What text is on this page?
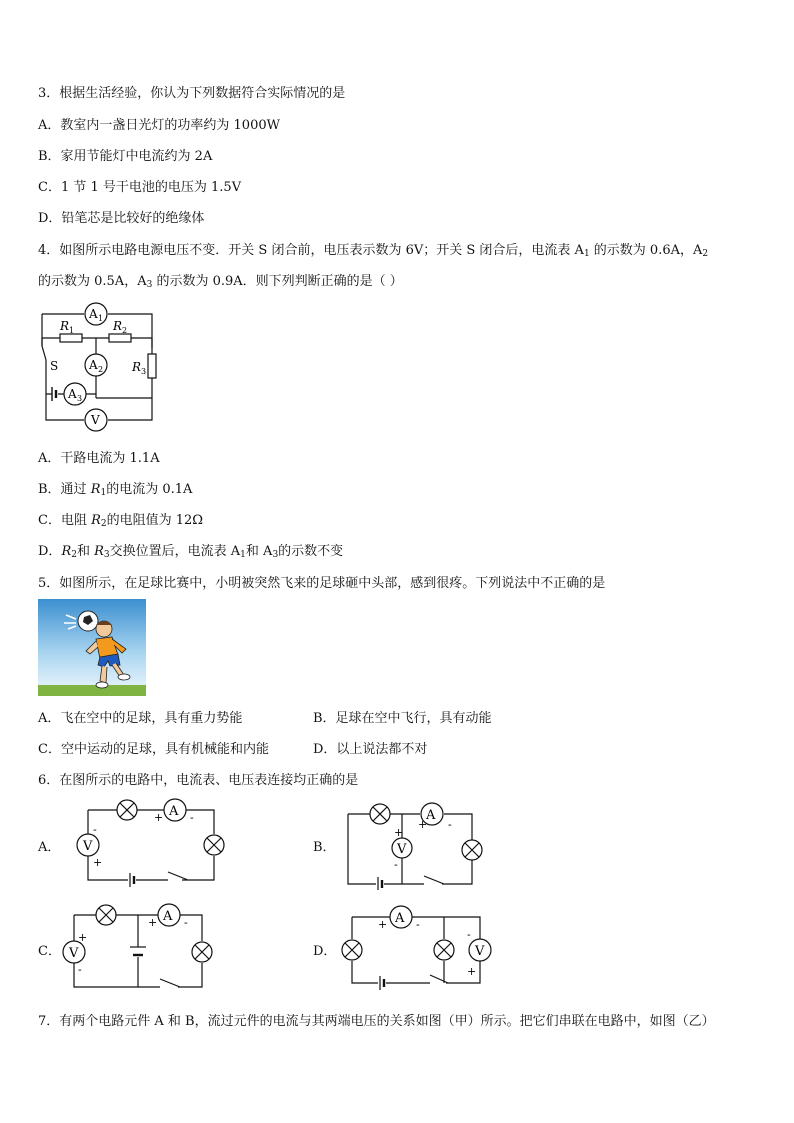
3．根据生活经验，你认为下列数据符合实际情况的是
A．教室内一盏日光灯的功率约为 1000W
B．家用节能灯中电流约为 2A
C．1 节 1 号干电池的电压为 1.5V
D．铅笔芯是比较好的绝缘体
4．如图所示电路电源电压不变．开关 S 闭合前，电压表示数为 6V；开关 S 闭合后，电流表 $A_1$ 的示数为 0.6A，$A_2$
的示数为 0.5A，$A_3$ 的示数为 0.9A．则下列判断正确的是（ ）
A 1
A 2
A 3
V
R 1	R 2
R 3
S
A．干路电流为 1.1A
B．通过 $R_1$的电流为 0.1A
C．电阻 $R_2$的电阻值为 12Ω
D．$R_2$和 $R_3$交换位置后，电流表 $A_1$和 $A_3$的示数不变
5．如图所示，在足球比赛中，小明被突然飞来的足球砸中头部，感到很疼。下列说法中不正确的是
A．飞在空中的足球，具有重力势能	B．足球在空中飞行，具有动能
C．空中运动的足球，具有机械能和内能	D．以上说法都不对
6．在图所示的电路中，电流表、电压表连接均正确的是
A．
A
V
+ -
-
+
B．
A
V
+ -
+
-
C．
A
V
+ -
+
-
D．
A
V
+	-
-
+
7．有两个电路元件 A 和 B，流过元件的电流与其两端电压的关系如图（甲）所示。把它们串联在电路中，如图（乙）
